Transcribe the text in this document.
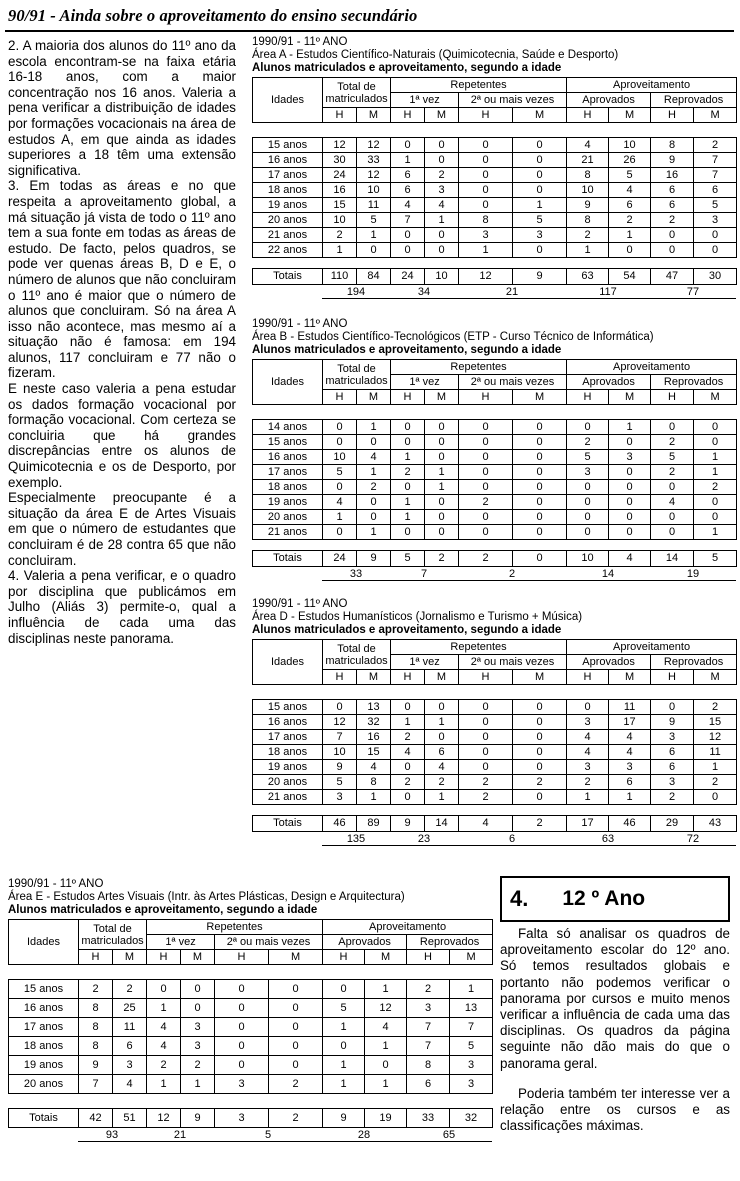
90/91 - Ainda sobre o aproveitamento do ensino secundário

2. A maioria dos alunos do 11º ano da escola encontram-se na faixa etária 16-18 anos, com a maior concentração nos 16 anos. Valeria a pena verificar a distribuição de idades por formações vocacionais na área de estudos A, em que ainda as idades superiores a 18 têm uma extensão significativa.

3. Em todas as áreas e no que respeita a aproveitamento global, a má situação já vista de todo o 11º ano tem a sua fonte em todas as áreas de estudo. De facto, pelos quadros, se pode ver quenas áreas B, D e E, o número de alunos que não concluiram o 11º ano é maior que o número de alunos que concluiram. Só na área A isso não acontece, mas mesmo aí a situação não é famosa: em 194 alunos, 117 concluiram e 77 não o fizeram.

E neste caso valeria a pena estudar os dados formação vocacional por formação vocacional. Com certeza se concluiria que há grandes discrepâncias entre os alunos de Quimicotecnia e os de Desporto, por exemplo.

Especialmente preocupante é a situação da área E de Artes Visuais em que o número de estudantes que concluiram é de 28 contra 65 que não concluiram.

4. Valeria a pena verificar, e o quadro por disciplina que publicámos em Julho (Aliás 3) permite-o, qual a influência de cada uma das disciplinas neste panorama.

1990/91 - 11º ANO
Área A - Estudos Científico-Naturais (Quimicotecnia, Saúde e Desporto)
Alunos matriculados e aproveitamento, segundo a idade
Idades	Total de
matriculados		Repetentes				Aproveitamento			
			1ª vez		2ª ou mais vezes		Aprovados		Reprovados	
	H	M	H	M	H	M	H	M	H	M

15 anos	12	12	0	0	0	0	4	10	8	2
16 anos	30	33	1	0	0	0	21	26	9	7
17 anos	24	12	6	2	0	0	8	5	16	7
18 anos	16	10	6	3	0	0	10	4	6	6
19 anos	15	11	4	4	0	1	9	6	6	5
20 anos	10	5	7	1	8	5	8	2	2	3
21 anos	2	1	0	0	3	3	2	1	0	0
22 anos	1	0	0	0	1	0	1	0	0	0
Totais	110	84	24	10	12	9	63	54	47	30
	194	34	21	117	77
1990/91 - 11º ANO
Área B - Estudos Científico-Tecnológicos (ETP - Curso Técnico de Informática)
Alunos matriculados e aproveitamento, segundo a idade
Idades	Total de
matriculados		Repetentes				Aproveitamento			
			1ª vez		2ª ou mais vezes		Aprovados		Reprovados	
	H	M	H	M	H	M	H	M	H	M

14 anos	0	1	0	0	0	0	0	1	0	0
15 anos	0	0	0	0	0	0	2	0	2	0
16 anos	10	4	1	0	0	0	5	3	5	1
17 anos	5	1	2	1	0	0	3	0	2	1
18 anos	0	2	0	1	0	0	0	0	0	2
19 anos	4	0	1	0	2	0	0	0	4	0
20 anos	1	0	1	0	0	0	0	0	0	0
21 anos	0	1	0	0	0	0	0	0	0	1
Totais	24	9	5	2	2	0	10	4	14	5
	33	7	2	14	19
1990/91 - 11º ANO
Área D - Estudos Humanísticos (Jornalismo e Turismo + Música)
Alunos matriculados e aproveitamento, segundo a idade
Idades	Total de
matriculados		Repetentes				Aproveitamento			
			1ª vez		2ª ou mais vezes		Aprovados		Reprovados	
	H	M	H	M	H	M	H	M	H	M

15 anos	0	13	0	0	0	0	0	11	0	2
16 anos	12	32	1	1	0	0	3	17	9	15
17 anos	7	16	2	0	0	0	4	4	3	12
18 anos	10	15	4	6	0	0	4	4	6	11
19 anos	9	4	0	4	0	0	3	3	6	1
20 anos	5	8	2	2	2	2	2	6	3	2
21 anos	3	1	0	1	2	0	1	1	2	0
Totais	46	89	9	14	4	2	17	46	29	43
	135	23	6	63	72
1990/91 - 11º ANO
Área E - Estudos Artes Visuais (Intr. às Artes Plásticas, Design e Arquitectura)
Alunos matriculados e aproveitamento, segundo a idade
Idades	Total de
matriculados		Repetentes				Aproveitamento			
			1ª vez		2ª ou mais vezes		Aprovados		Reprovados	
	H	M	H	M	H	M	H	M	H	M

15 anos	2	2	0	0	0	0	0	1	2	1
16 anos	8	25	1	0	0	0	5	12	3	13
17 anos	8	11	4	3	0	0	1	4	7	7
18 anos	8	6	4	3	0	0	0	1	7	5
19 anos	9	3	2	2	0	0	1	0	8	3
20 anos	7	4	1	1	3	2	1	1	6	3
Totais	42	51	12	9	3	2	9	19	33	32
	93	21	5	28	65
4.	12 º Ano

Falta só analisar os quadros de aproveitamento escolar do 12º ano. Só temos resultados globais e portanto não podemos verificar o panorama por cursos e muito menos verificar a influência de cada uma das disciplinas. Os quadros da página seguinte não dão mais do que o panorama geral.

Poderia também ter interesse ver a relação entre os cursos e as classificações máximas.
